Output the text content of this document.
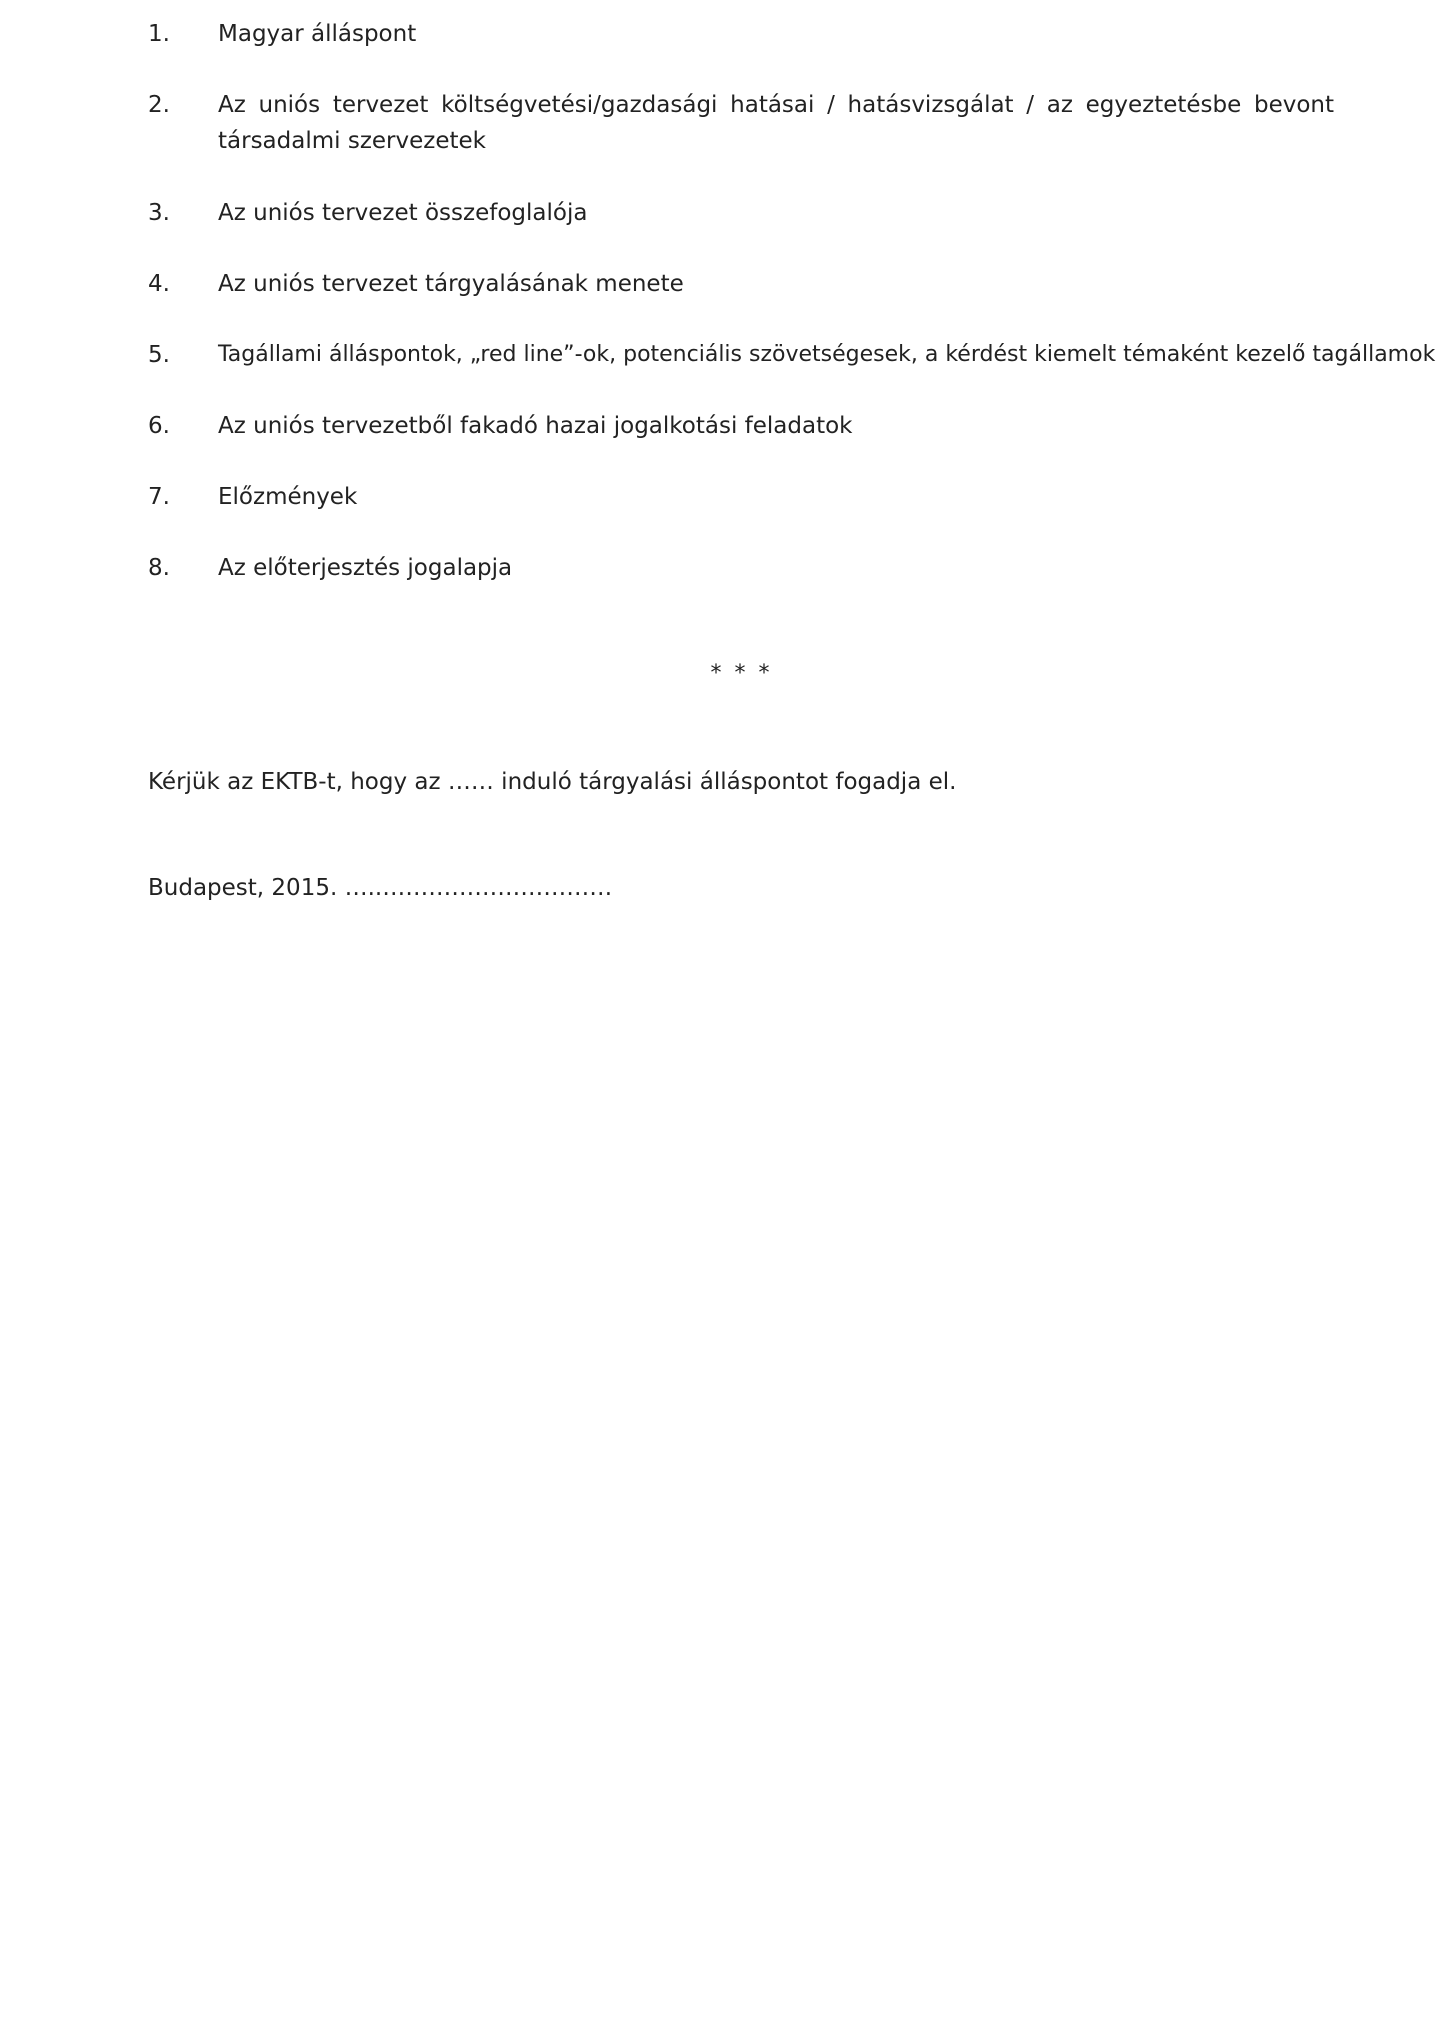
1.	Magyar álláspont
2.	Az uniós tervezet költségvetési/gazdasági hatásai / hatásvizsgálat / az egyeztetésbe bevont társadalmi szervezetek
3.	Az uniós tervezet összefoglalója
4.	Az uniós tervezet tárgyalásának menete
5.	Tagállami álláspontok, „red line”-ok, potenciális szövetségesek, a kérdést kiemelt témaként kezelő tagállamok
6.	Az uniós tervezetből fakadó hazai jogalkotási feladatok
7.	Előzmények
8.	Az előterjesztés jogalapja
* * *
Kérjük az EKTB-t, hogy az …… induló tárgyalási álláspontot fogadja el.
Budapest, 2015. …..…………………………
